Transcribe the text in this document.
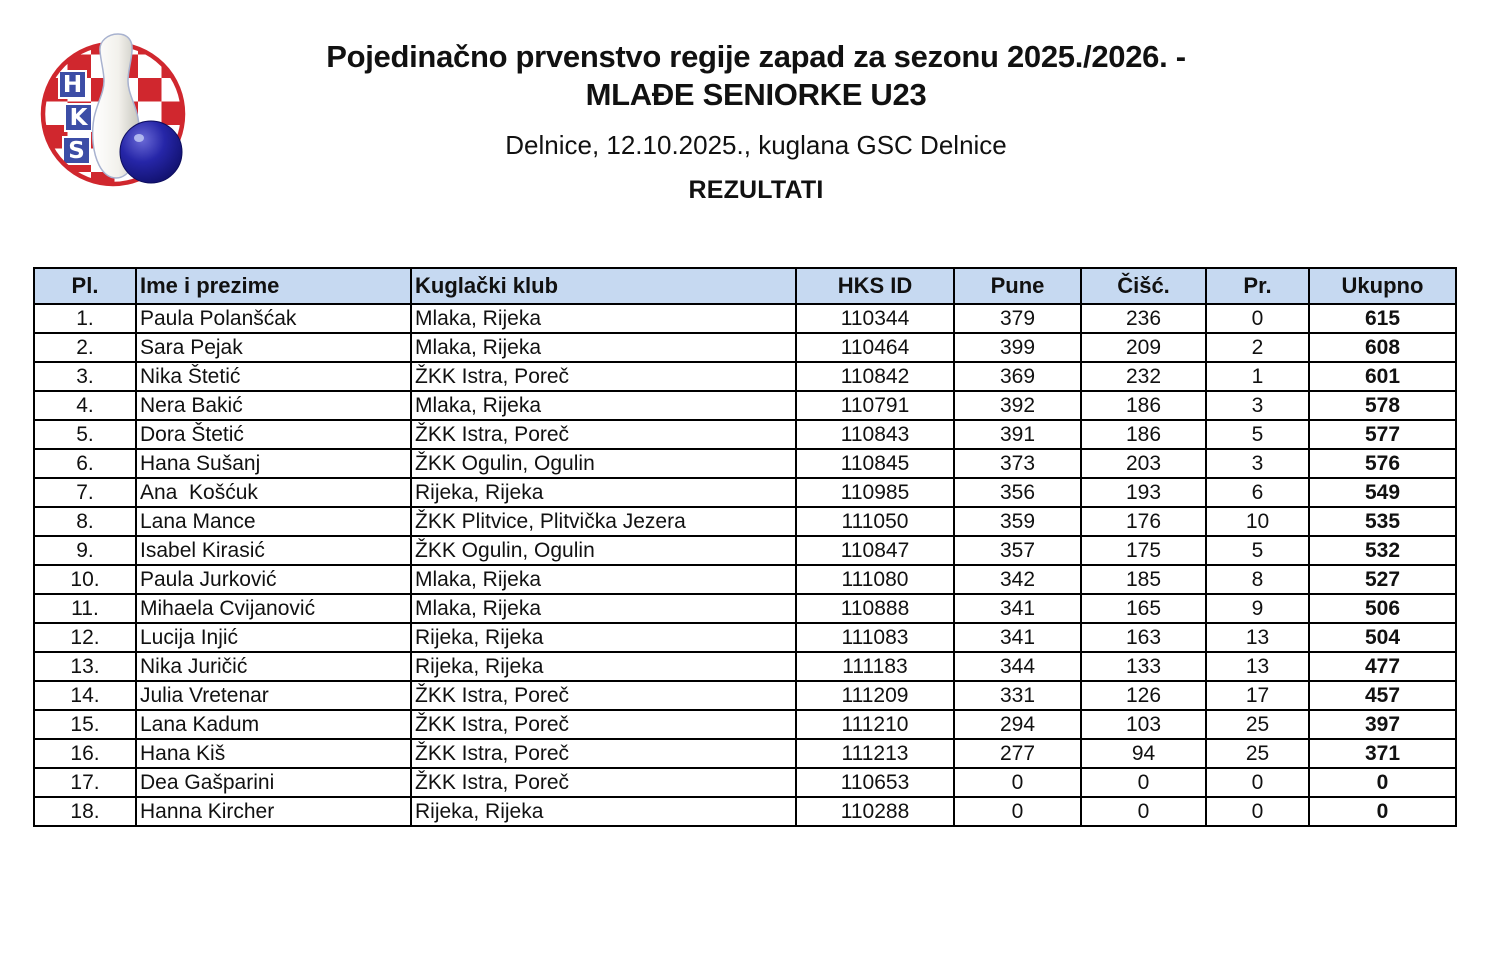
H
K
S
Pojedinačno prvenstvo regije zapad za sezonu 2025./2026. -
MLAĐE SENIORKE U23
Delnice, 12.10.2025., kuglana GSC Delnice
REZULTATI
Pl.	Ime i prezime	Kuglački klub	HKS ID	Pune	Čišć.	Pr.	Ukupno
1.	Paula Polanšćak	Mlaka, Rijeka	110344	379	236	0	615
2.	Sara Pejak	Mlaka, Rijeka	110464	399	209	2	608
3.	Nika Štetić	ŽKK Istra, Poreč	110842	369	232	1	601
4.	Nera Bakić	Mlaka, Rijeka	110791	392	186	3	578
5.	Dora Štetić	ŽKK Istra, Poreč	110843	391	186	5	577
6.	Hana Sušanj	ŽKK Ogulin, Ogulin	110845	373	203	3	576
7.	Ana  Košćuk	Rijeka, Rijeka	110985	356	193	6	549
8.	Lana Mance	ŽKK Plitvice, Plitvička Jezera	111050	359	176	10	535
9.	Isabel Kirasić	ŽKK Ogulin, Ogulin	110847	357	175	5	532
10.	Paula Jurković	Mlaka, Rijeka	111080	342	185	8	527
11.	Mihaela Cvijanović	Mlaka, Rijeka	110888	341	165	9	506
12.	Lucija Injić	Rijeka, Rijeka	111083	341	163	13	504
13.	Nika Juričić	Rijeka, Rijeka	111183	344	133	13	477
14.	Julia Vretenar	ŽKK Istra, Poreč	111209	331	126	17	457
15.	Lana Kadum	ŽKK Istra, Poreč	111210	294	103	25	397
16.	Hana Kiš	ŽKK Istra, Poreč	111213	277	94	25	371
17.	Dea Gašparini	ŽKK Istra, Poreč	110653	0	0	0	0
18.	Hanna Kircher	Rijeka, Rijeka	110288	0	0	0	0
